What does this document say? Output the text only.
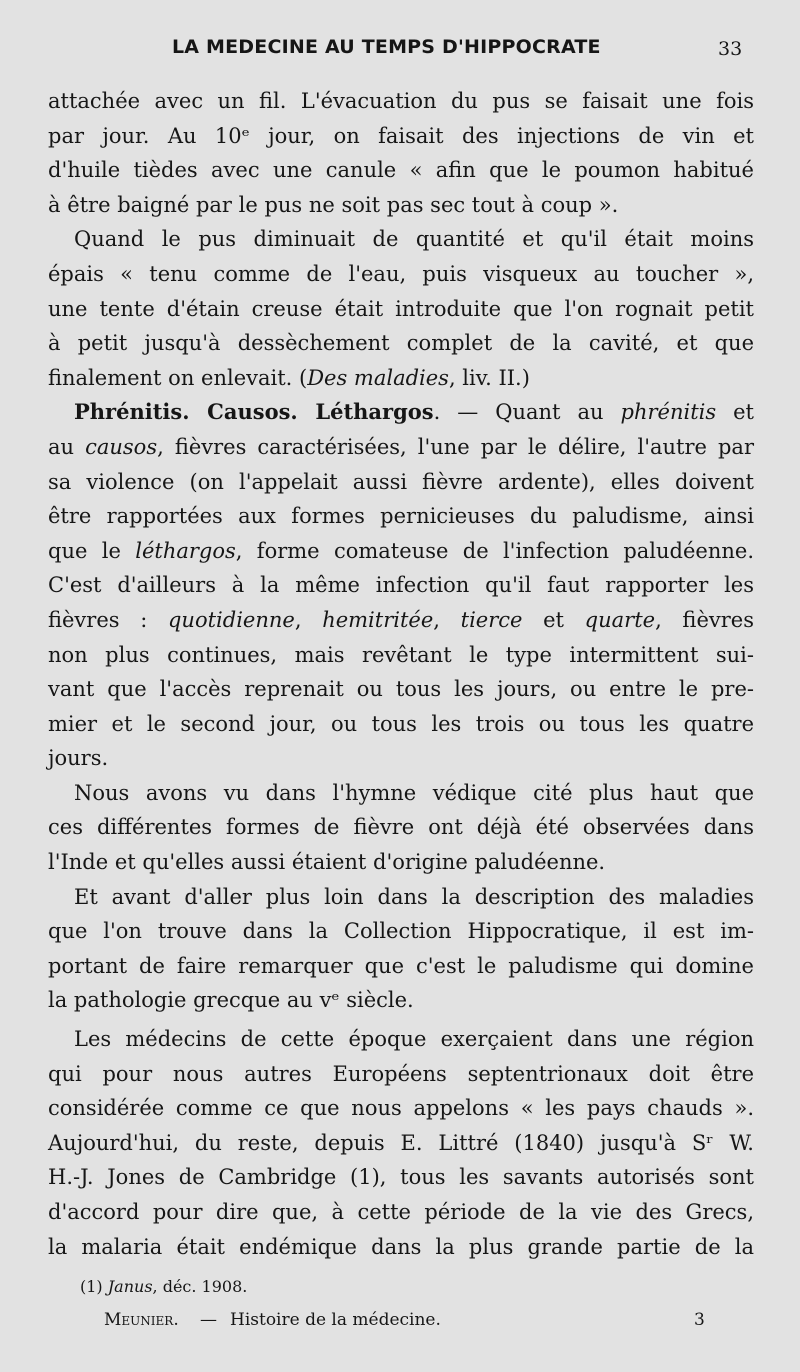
LA MEDECINE AU TEMPS D'HIPPOCRATE	33
attachée avec un fil. L'évacuation du pus se faisait une fois
par jour. Au 10ᵉ jour, on faisait des injections de vin et
d'huile tièdes avec une canule « afin que le poumon habitué
à être baigné par le pus ne soit pas sec tout à coup ».
Quand le pus diminuait de quantité et qu'il était moins
épais « tenu comme de l'eau, puis visqueux au toucher »,
une tente d'étain creuse était introduite que l'on rognait petit
à petit jusqu'à dessèchement complet de la cavité, et que
finalement on enlevait. (Des maladies, liv. II.)
Phrénitis. Causos. Léthargos. — Quant au phrénitis et
au causos, fièvres caractérisées, l'une par le délire, l'autre par
sa violence (on l'appelait aussi fièvre ardente), elles doivent
être rapportées aux formes pernicieuses du paludisme, ainsi
que le léthargos, forme comateuse de l'infection paludéenne.
C'est d'ailleurs à la même infection qu'il faut rapporter les
fièvres : quotidienne, hemitritée, tierce et quarte, fièvres
non plus continues, mais revêtant le type intermittent sui-
vant que l'accès reprenait ou tous les jours, ou entre le pre-
mier et le second jour, ou tous les trois ou tous les quatre
jours.
Nous avons vu dans l'hymne védique cité plus haut que
ces différentes formes de fièvre ont déjà été observées dans
l'Inde et qu'elles aussi étaient d'origine paludéenne.
Et avant d'aller plus loin dans la description des maladies
que l'on trouve dans la Collection Hippocratique, il est im-
portant de faire remarquer que c'est le paludisme qui domine
la pathologie grecque au vᵉ siècle.
Les médecins de cette époque exerçaient dans une région
qui pour nous autres Européens septentrionaux doit être
considérée comme ce que nous appelons « les pays chauds ».
Aujourd'hui, du reste, depuis E. Littré (1840) jusqu'à Sʳ W.
H.-J. Jones de Cambridge (1), tous les savants autorisés sont
d'accord pour dire que, à cette période de la vie des Grecs,
la malaria était endémique dans la plus grande partie de la
(1) Janus, déc. 1908.
Meunier. — Histoire de la médecine.	3
